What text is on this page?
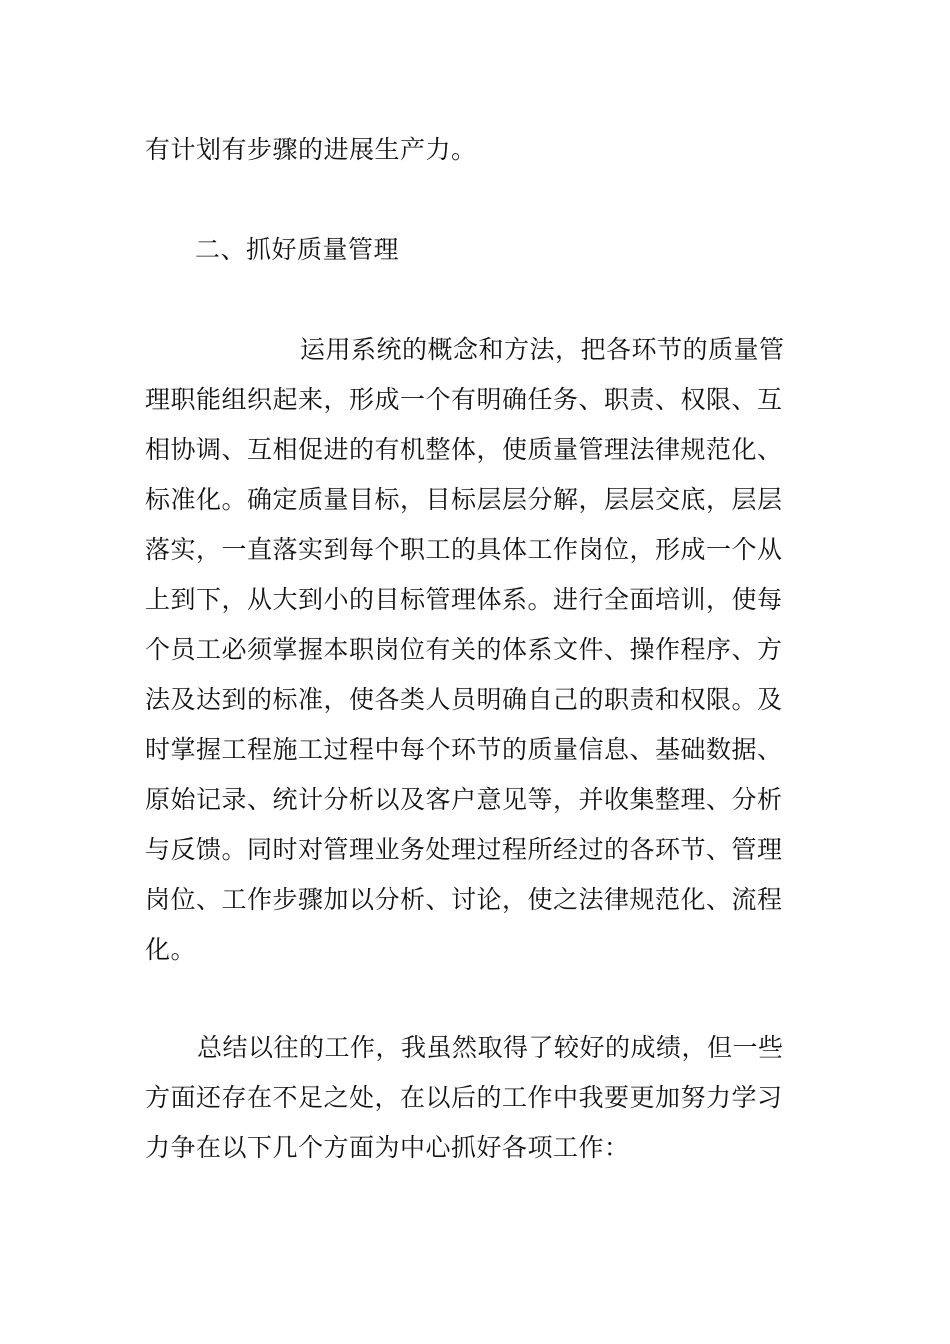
有计划有步骤的进展生产力。
二、抓好质量管理
运用系统的概念和方法，把各环节的质量管
理职能组织起来，形成一个有明确任务、职责、权限、互
相协调、互相促进的有机整体，使质量管理法律规范化、
标准化。确定质量目标，目标层层分解，层层交底，层层
落实，一直落实到每个职工的具体工作岗位，形成一个从
上到下，从大到小的目标管理体系。进行全面培训，使每
个员工必须掌握本职岗位有关的体系文件、操作程序、方
法及达到的标准，使各类人员明确自己的职责和权限。及
时掌握工程施工过程中每个环节的质量信息、基础数据、
原始记录、统计分析以及客户意见等，并收集整理、分析
与反馈。同时对管理业务处理过程所经过的各环节、管理
岗位、工作步骤加以分析、讨论，使之法律规范化、流程
化。
总结以往的工作，我虽然取得了较好的成绩，但一些
方面还存在不足之处，在以后的工作中我要更加努力学习
力争在以下几个方面为中心抓好各项工作：
